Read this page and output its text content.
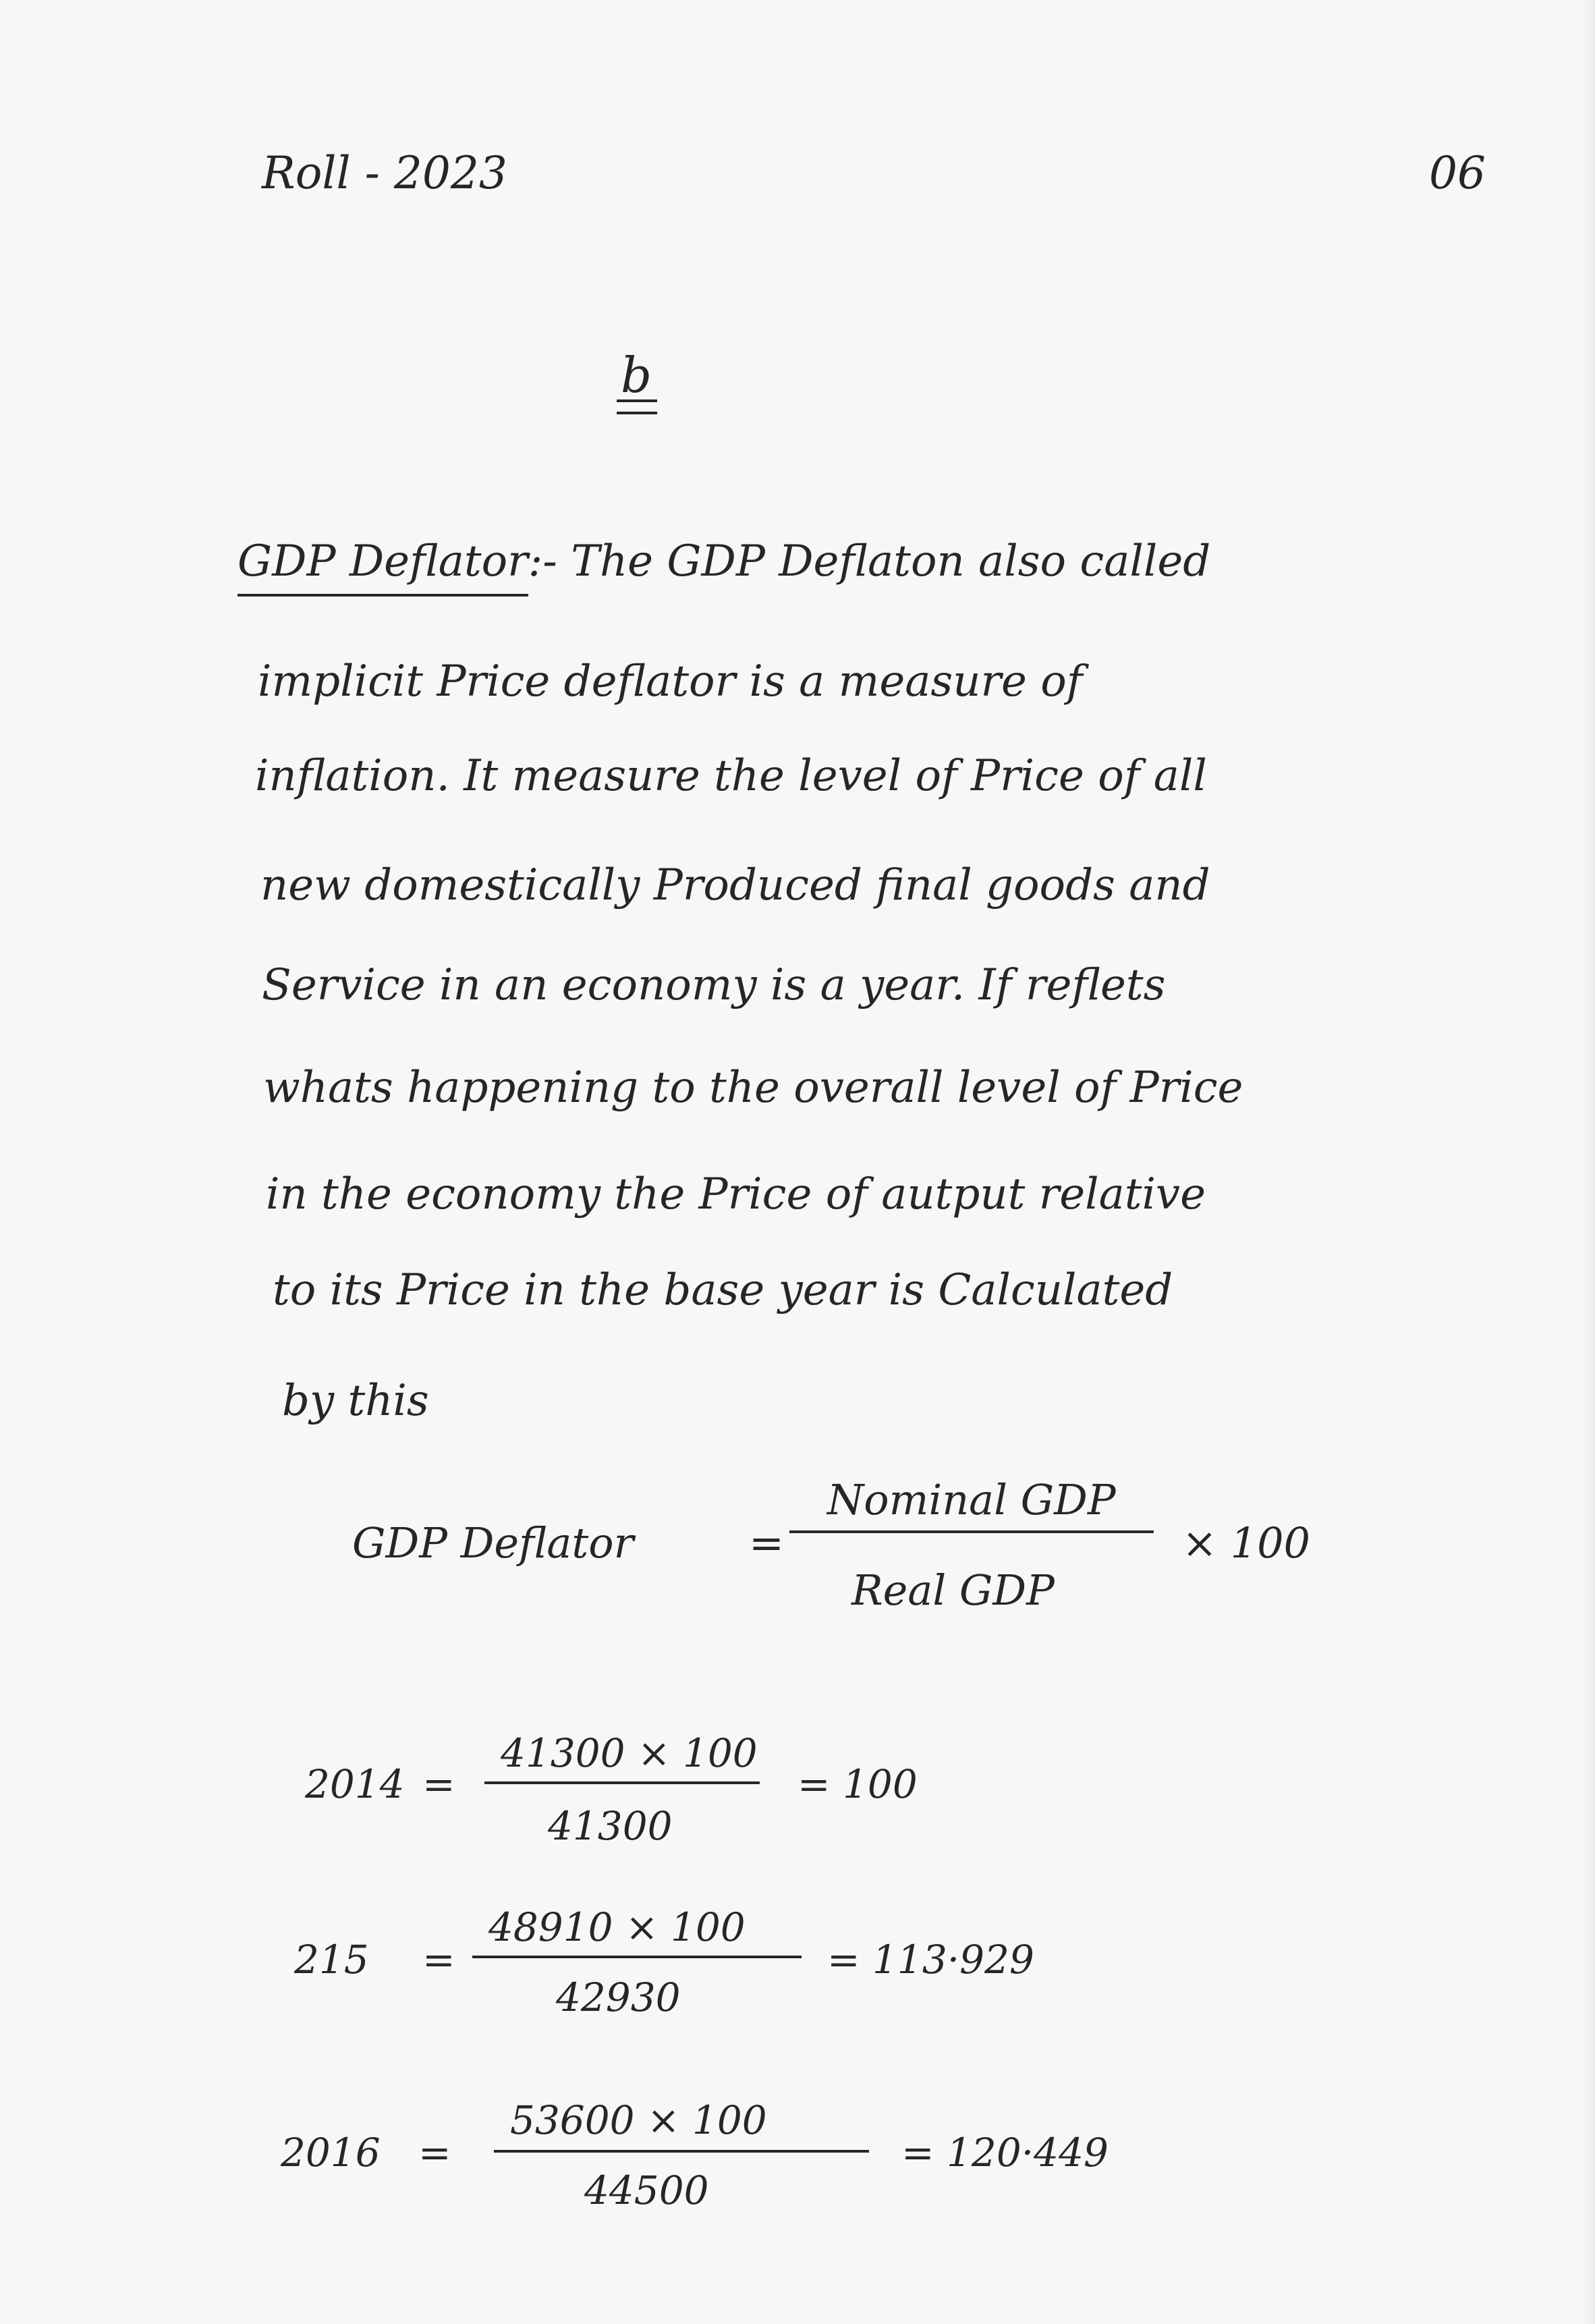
Roll - 2023	06
b
GDP Deflator:- The GDP Deflaton also called
implicit Price deflator is a measure of
inflation. It measure the level of Price of all
new domestically Produced final goods and
Service in an economy is a year. If reflets
whats happening to the overall level of Price
in the economy the Price of autput relative
to its Price in the base year is Calculated
by this
GDP Deflator	=
Nominal GDP
Real GDP
× 100
2014 =
41300 × 100
41300
= 100
215 =
48910 × 100
42930
= 113·929
2016 =
53600 × 100
44500
= 120·449
